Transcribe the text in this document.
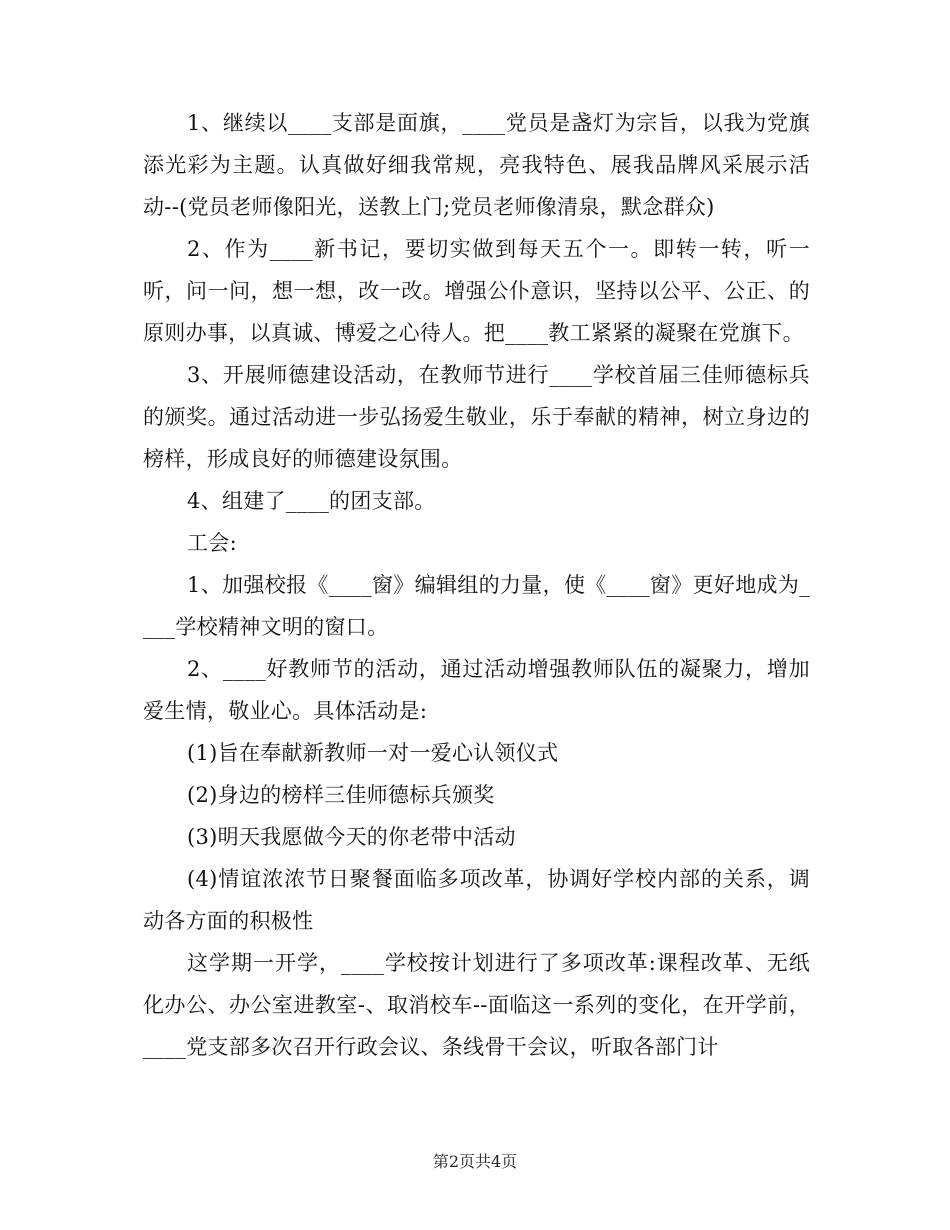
1、继续以____支部是面旗，____党员是盏灯为宗旨，以我为党旗添光彩为主题。认真做好细我常规，亮我特色、展我品牌风采展示活动--(党员老师像阳光，送教上门;党员老师像清泉，默念群众)

2、作为____新书记，要切实做到每天五个一。即转一转，听一听，问一问，想一想，改一改。增强公仆意识，坚持以公平、公正、的原则办事，以真诚、博爱之心待人。把____教工紧紧的凝聚在党旗下。

3、开展师德建设活动，在教师节进行____学校首届三佳师德标兵的颁奖。通过活动进一步弘扬爱生敬业，乐于奉献的精神，树立身边的榜样，形成良好的师德建设氛围。

4、组建了____的团支部。

工会:

1、加强校报《____窗》编辑组的力量，使《____窗》更好地成为____学校精神文明的窗口。

2、____好教师节的活动，通过活动增强教师队伍的凝聚力，增加爱生情，敬业心。具体活动是:

(1)旨在奉献新教师一对一爱心认领仪式

(2)身边的榜样三佳师德标兵颁奖

(3)明天我愿做今天的你老带中活动

(4)情谊浓浓节日聚餐面临多项改革，协调好学校内部的关系，调动各方面的积极性

这学期一开学，____学校按计划进行了多项改革:课程改革、无纸化办公、办公室进教室-、取消校车--面临这一系列的变化，在开学前，____党支部多次召开行政会议、条线骨干会议，听取各部门计

第2页共4页
